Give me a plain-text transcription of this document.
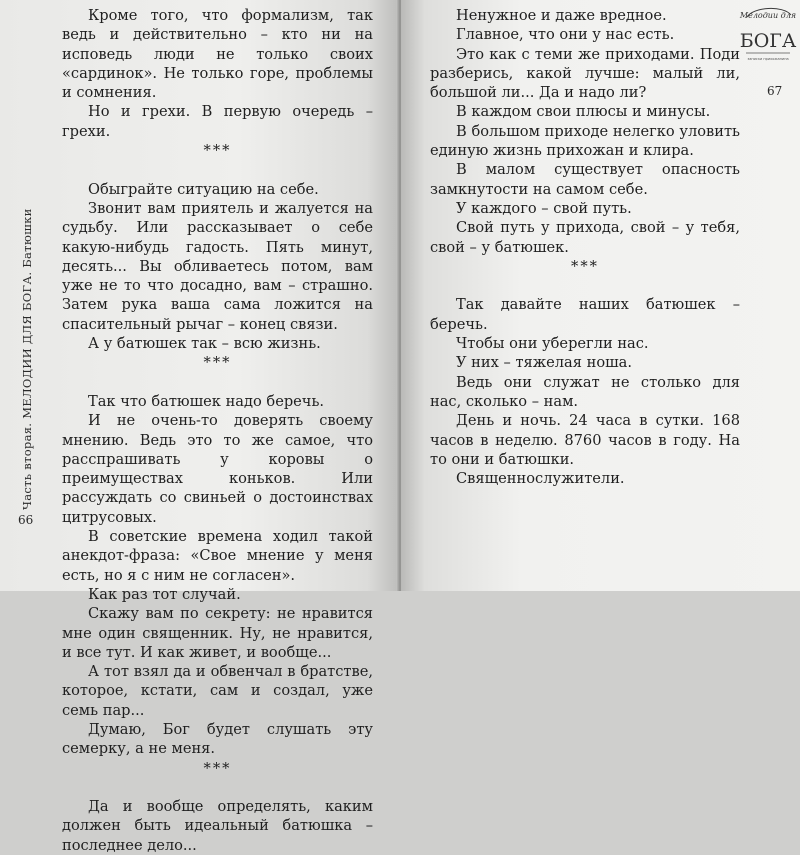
Часть вторая. МЕЛОДИИ ДЛЯ БОГА. Батюшки

Кроме того, что формализм, так ведь и действительно – кто ни на исповедь люди не только своих «сардинок». Не только горе, проблемы и сомнения.

Но и грехи. В первую очередь – грехи.

***

Обыграйте ситуацию на себе.

Звонит вам приятель и жалуется на судьбу. Или рассказывает о себе какую-нибудь гадость. Пять минут, десять... Вы обливаетесь потом, вам уже не то что досадно, вам – страшно. Затем рука ваша сама ложится на спасительный рычаг – конец связи.

А у батюшек так – всю жизнь.

***

Так что батюшек надо беречь.

И не очень-то доверять своему мнению. Ведь это то же самое, что расспрашивать у коровы о преимуществах коньков. Или рассуждать со свиньей о достоинствах цитрусовых.

В советские времена ходил такой анекдот-фраза: «Свое мнение у меня есть, но я с ним не согласен».

Как раз тот случай.

Скажу вам по секрету: не нравится мне один священник. Ну, не нравится, и все тут. И как живет, и вообще...

А тот взял да и обвенчал в братстве, которое, кстати, сам и создал, уже семь пар...

Думаю, Бог будет слушать эту семерку, а не меня.

***

Да и вообще определять, каким должен быть идеальный батюшка – последнее дело...

66
Мелодии для
БОГА
записки прихожанина
67

Ненужное и даже вредное.

Главное, что они у нас есть.

Это как с теми же приходами. Поди разберись, какой лучше: малый ли, большой ли... Да и надо ли?

В каждом свои плюсы и минусы.

В большом приходе нелегко уловить единую жизнь прихожан и клира.

В малом существует опасность замкнутости на самом себе.

У каждого – свой путь.

Свой путь у прихода, свой – у тебя, свой – у батюшек.

***

Так давайте наших батюшек – беречь.

Чтобы они уберегли нас.

У них – тяжелая ноша.

Ведь они служат не столько для нас, сколько – нам.

День и ночь. 24 часа в сутки. 168 часов в неделю. 8760 часов в году. На то они и батюшки.

Священнослужители.
